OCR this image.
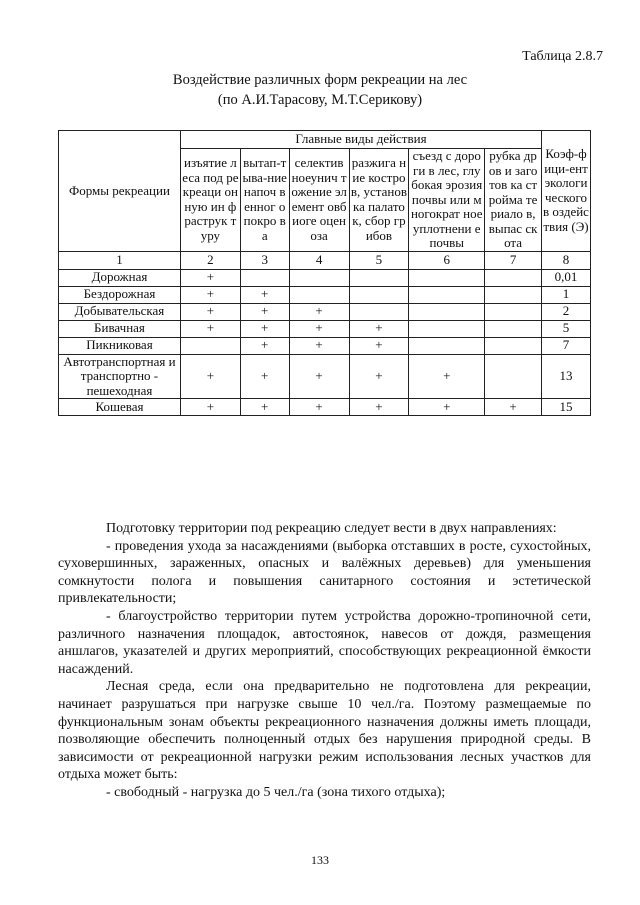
Таблица 2.8.7
Воздействие различных форм рекреации на лес
(по А.И.Тарасову, М.Т.Серикову)
Формы рекреации	Главные виды действия						Коэф-фици-ентэкологическогов оздейс твия (Э)
	изъятие леса под рекреаци онную ин фраструк туру	вытап-тыва-ние напоч венног о покро ва	селектив ноеунич тожение элемент овбиоге оценоза	разжига ние костров, установ ка палаток, сбор грибов	съезд с дороги в лес, глубокая эрозия почвы или многократ ное уплотнени е почвы	рубка дров и заготов ка стройма териало в, выпас скота	
1	2	3	4	5	6	7	8
Дорожная	+						0,01
Бездорожная	+	+					1
Добывательская	+	+	+				2
Бивачная	+	+	+	+			5
Пикниковая		+	+	+			7
Автотранспортная и транспортно - пешеходная	+	+	+	+	+		13
Кошевая	+	+	+	+	+	+	15

Подготовку территории под рекреацию следует вести в двух направлениях:

- проведения ухода за насаждениями (выборка отставших в росте, сухостойных, суховершинных, зараженных, опасных и валёжных деревьев) для уменьшения сомкнутости полога и повышения санитарного состояния и эстетической привлекательности;

- благоустройство территории путем устройства дорожно-тропиночной сети, различного назначения площадок, автостоянок, навесов от дождя, размещения аншлагов, указателей и других мероприятий, способствующих рекреационной ёмкости насаждений.

Лесная среда, если она предварительно не подготовлена для рекреации, начинает разрушаться при нагрузке свыше 10 чел./га. Поэтому размещаемые по функциональным зонам объекты рекреационного назначения должны иметь площади, позволяющие обеспечить полноценный отдых без нарушения природной среды. В зависимости от рекреационной нагрузки режим использования лесных участков для отдыха может быть:

- свободный - нагрузка до 5 чел./га (зона тихого отдыха);

133
